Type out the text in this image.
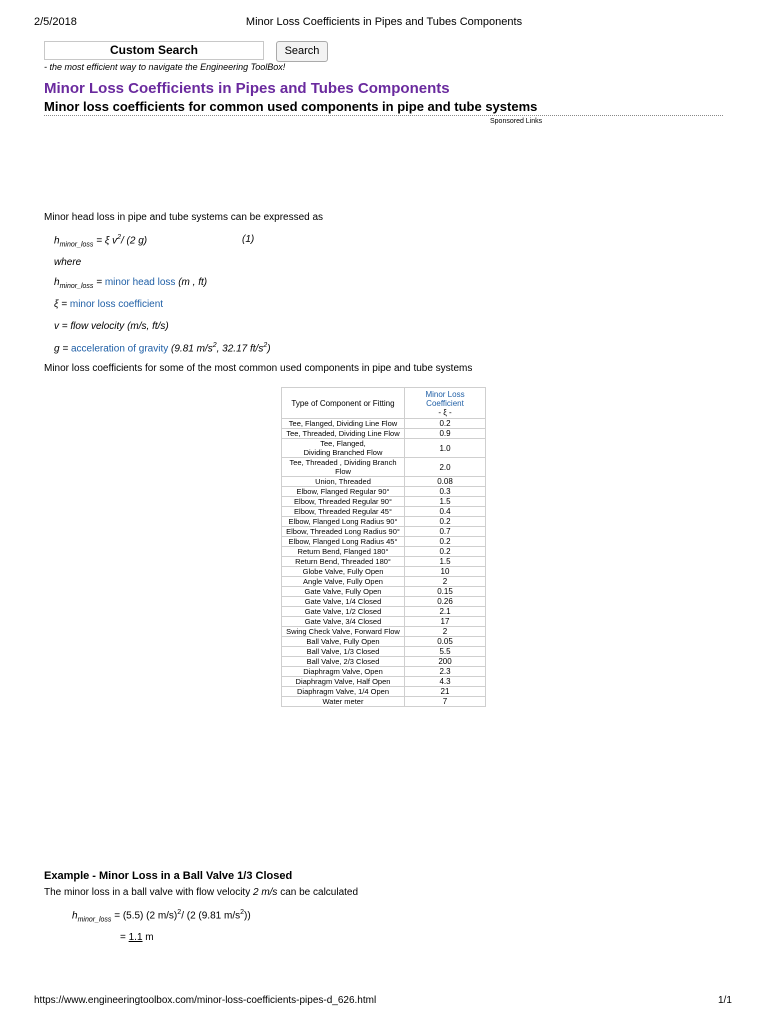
2/5/2018	Minor Loss Coefficients in Pipes and Tubes Components
Custom Search	Search
- the most efficient way to navigate the Engineering ToolBox!
Minor Loss Coefficients in Pipes and Tubes Components
Minor loss coefficients for common used components in pipe and tube systems
Sponsored Links
Minor head loss in pipe and tube systems can be expressed as
$h_{minor\_loss} = \xi$ $v^2/$ (2 g)	(1)
where
$h_{minor\_loss}$ = minor head loss (m , ft)
ξ = minor loss coefficient
v = flow velocity (m/s, ft/s)
g = acceleration of gravity (9.81 $m/s^2$, 32.17 $ft/s^2$)
Minor loss coefficients for some of the most common used components in pipe and tube systems
Type of Component or Fitting	Minor Loss Coefficient
- ξ -

Tee, Flanged, Dividing Line Flow	0.2
Tee, Threaded, Dividing Line Flow	0.9
Tee, Flanged,
Dividing Branched Flow	1.0
Tee, Threaded , Dividing Branch Flow	2.0
Union, Threaded	0.08
Elbow, Flanged Regular 90°	0.3
Elbow, Threaded Regular 90°	1.5
Elbow, Threaded Regular 45°	0.4
Elbow, Flanged Long Radius 90°	0.2
Elbow, Threaded Long Radius 90°	0.7
Elbow, Flanged Long Radius 45°	0.2
Return Bend, Flanged 180°	0.2
Return Bend, Threaded 180°	1.5
Globe Valve, Fully Open	10
Angle Valve, Fully Open	2
Gate Valve, Fully Open	0.15
Gate Valve, 1/4 Closed	0.26
Gate Valve, 1/2 Closed	2.1
Gate Valve, 3/4 Closed	17
Swing Check Valve, Forward Flow	2
Ball Valve, Fully Open	0.05
Ball Valve, 1/3 Closed	5.5
Ball Valve, 2/3 Closed	200
Diaphragm Valve, Open	2.3
Diaphragm Valve, Half Open	4.3
Diaphragm Valve, 1/4 Open	21
Water meter	7
Example - Minor Loss in a Ball Valve 1/3 Closed
The minor loss in a ball valve with flow velocity 2 m/s can be calculated
$h_{minor\_loss} = (5.5)$ (2 m/s)$^2$/ (2 (9.81 $m/s^2$))
= 1.1 m
https://www.engineeringtoolbox.com/minor-loss-coefficients-pipes-d_626.html	1/1
